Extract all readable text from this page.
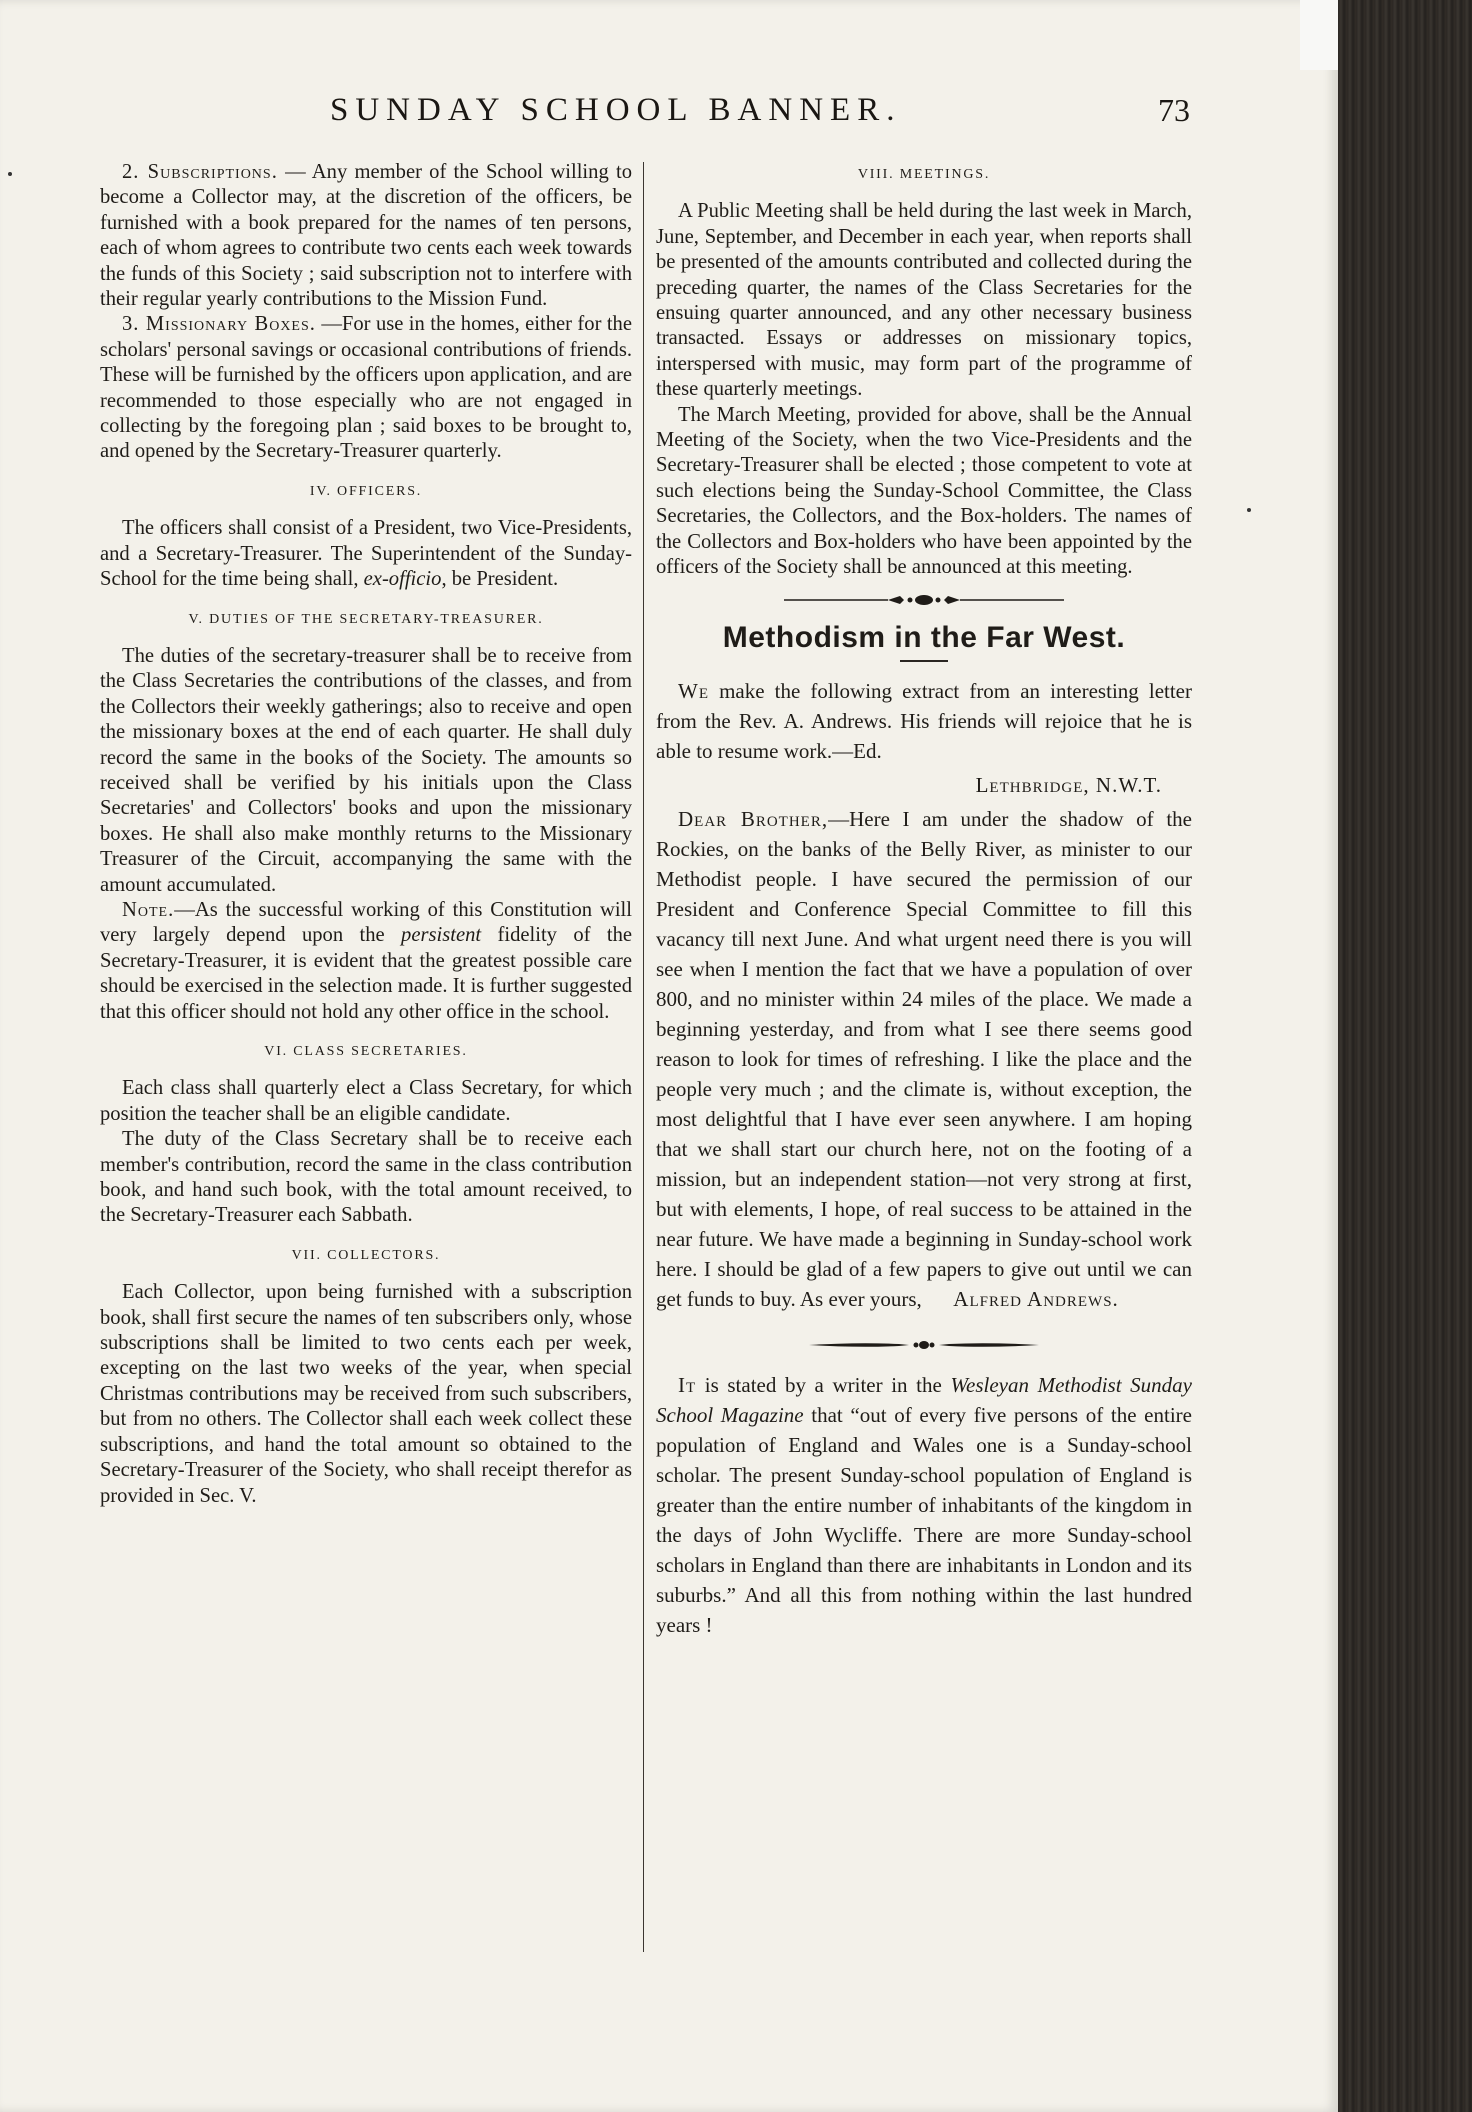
SUNDAY SCHOOL BANNER.	73

2. Subscriptions. — Any member of the School willing to become a Collector may, at the discretion of the officers, be furnished with a book prepared for the names of ten persons, each of whom agrees to contribute two cents each week towards the funds of this Society ; said subscription not to interfere with their regular yearly contributions to the Mission Fund.

3. Missionary Boxes. —For use in the homes, either for the scholars' personal savings or occasional contributions of friends. These will be furnished by the officers upon application, and are recommended to those especially who are not engaged in collecting by the foregoing plan ; said boxes to be brought to, and opened by the Secretary-Treasurer quarterly.

IV. OFFICERS.

The officers shall consist of a President, two Vice-Presidents, and a Secretary-Treasurer. The Superintendent of the Sunday-School for the time being shall, ex-officio, be President.

V. DUTIES OF THE SECRETARY-TREASURER.

The duties of the secretary-treasurer shall be to receive from the Class Secretaries the contributions of the classes, and from the Collectors their weekly gatherings; also to receive and open the missionary boxes at the end of each quarter. He shall duly record the same in the books of the Society. The amounts so received shall be verified by his initials upon the Class Secretaries' and Collectors' books and upon the missionary boxes. He shall also make monthly returns to the Missionary Treasurer of the Circuit, accompanying the same with the amount accumulated.

Note.—As the successful working of this Constitution will very largely depend upon the persistent fidelity of the Secretary-Treasurer, it is evident that the greatest possible care should be exercised in the selection made. It is further suggested that this officer should not hold any other office in the school.

VI. CLASS SECRETARIES.

Each class shall quarterly elect a Class Secretary, for which position the teacher shall be an eligible candidate.

The duty of the Class Secretary shall be to receive each member's contribution, record the same in the class contribution book, and hand such book, with the total amount received, to the Secretary-Treasurer each Sabbath.

VII. COLLECTORS.

Each Collector, upon being furnished with a subscription book, shall first secure the names of ten subscribers only, whose subscriptions shall be limited to two cents each per week, excepting on the last two weeks of the year, when special Christmas contributions may be received from such subscribers, but from no others. The Collector shall each week collect these subscriptions, and hand the total amount so obtained to the Secretary-Treasurer of the Society, who shall receipt therefor as provided in Sec. V.

VIII. MEETINGS.

A Public Meeting shall be held during the last week in March, June, September, and December in each year, when reports shall be presented of the amounts contributed and collected during the preceding quarter, the names of the Class Secretaries for the ensuing quarter announced, and any other necessary business transacted. Essays or addresses on missionary topics, interspersed with music, may form part of the programme of these quarterly meetings.

The March Meeting, provided for above, shall be the Annual Meeting of the Society, when the two Vice-Presidents and the Secretary-Treasurer shall be elected ; those competent to vote at such elections being the Sunday-School Committee, the Class Secretaries, the Collectors, and the Box-holders. The names of the Collectors and Box-holders who have been appointed by the officers of the Society shall be announced at this meeting.

Methodism in the Far West.

We make the following extract from an interesting letter from the Rev. A. Andrews. His friends will rejoice that he is able to resume work.—Ed.

Lethbridge, N.W.T.

Dear Brother,—Here I am under the shadow of the Rockies, on the banks of the Belly River, as minister to our Methodist people. I have secured the permission of our President and Conference Special Committee to fill this vacancy till next June. And what urgent need there is you will see when I mention the fact that we have a population of over 800, and no minister within 24 miles of the place. We made a beginning yesterday, and from what I see there seems good reason to look for times of refreshing. I like the place and the people very much ; and the climate is, without exception, the most delightful that I have ever seen anywhere. I am hoping that we shall start our church here, not on the footing of a mission, but an independent station—not very strong at first, but with elements, I hope, of real success to be attained in the near future. We have made a beginning in Sunday-school work here. I should be glad of a few papers to give out until we can get funds to buy. As ever yours, Alfred Andrews.

It is stated by a writer in the Wesleyan Methodist Sunday School Magazine that “out of every five persons of the entire population of England and Wales one is a Sunday-school scholar. The present Sunday-school population of England is greater than the entire number of inhabitants of the kingdom in the days of John Wycliffe. There are more Sunday-school scholars in England than there are inhabitants in London and its suburbs.” And all this from nothing within the last hundred years !
